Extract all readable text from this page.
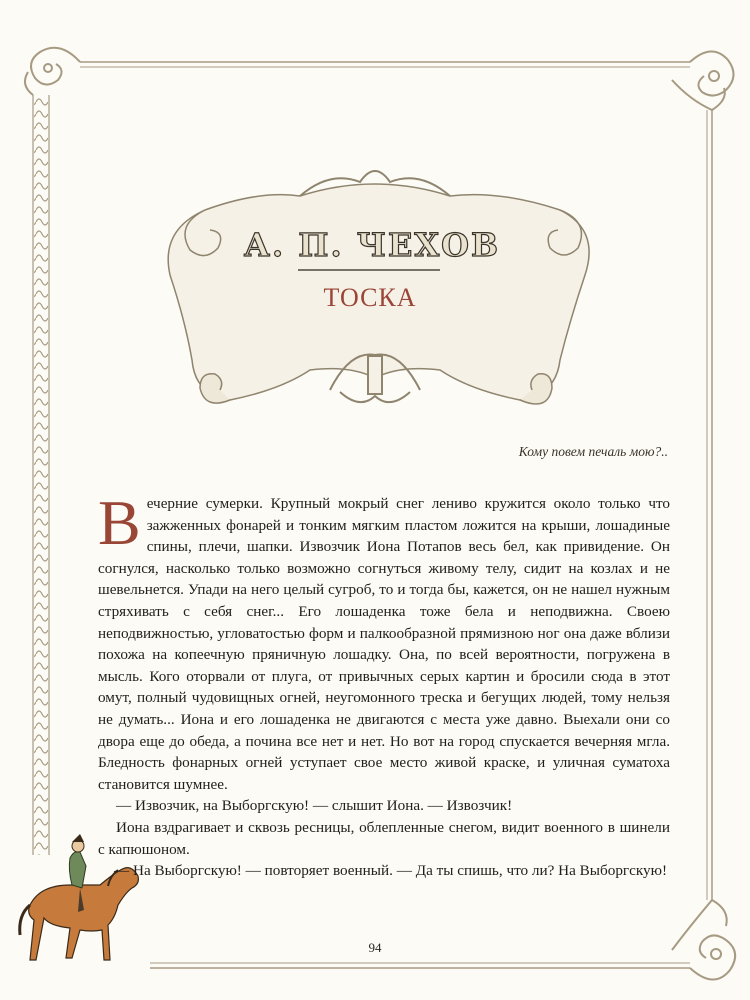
А. П. ЧЕХОВ
ТОСКА
Кому повем печаль мою?..

Вечерние сумерки. Крупный мокрый снег лениво кружится около только что зажженных фонарей и тонким мягким пластом ложится на крыши, лошадиные спины, плечи, шапки. Извозчик Иона Потапов весь бел, как привидение. Он согнулся, насколько только возможно согнуться живому телу, сидит на козлах и не шевельнется. Упади на него целый сугроб, то и тогда бы, кажется, он не нашел нужным стряхивать с себя снег... Его лошаденка тоже бела и неподвижна. Своею неподвижностью, угловатостью форм и палкообразной прямизною ног она даже вблизи похожа на копеечную пряничную лошадку. Она, по всей вероятности, погружена в мысль. Кого оторвали от плуга, от привычных серых картин и бросили сюда в этот омут, полный чудовищных огней, неугомонного треска и бегущих людей, тому нельзя не думать... Иона и его лошаденка не двигаются с места уже давно. Выехали они со двора еще до обеда, а почина все нет и нет. Но вот на город спускается вечерняя мгла. Бледность фонарных огней уступает свое место живой краске, и уличная суматоха становится шумнее.

— Извозчик, на Выборгскую! — слышит Иона. — Извозчик!

Иона вздрагивает и сквозь ресницы, облепленные снегом, видит военного в шинели с капюшоном.

— На Выборгскую! — повторяет военный. — Да ты спишь, что ли? На Выборгскую!

94
